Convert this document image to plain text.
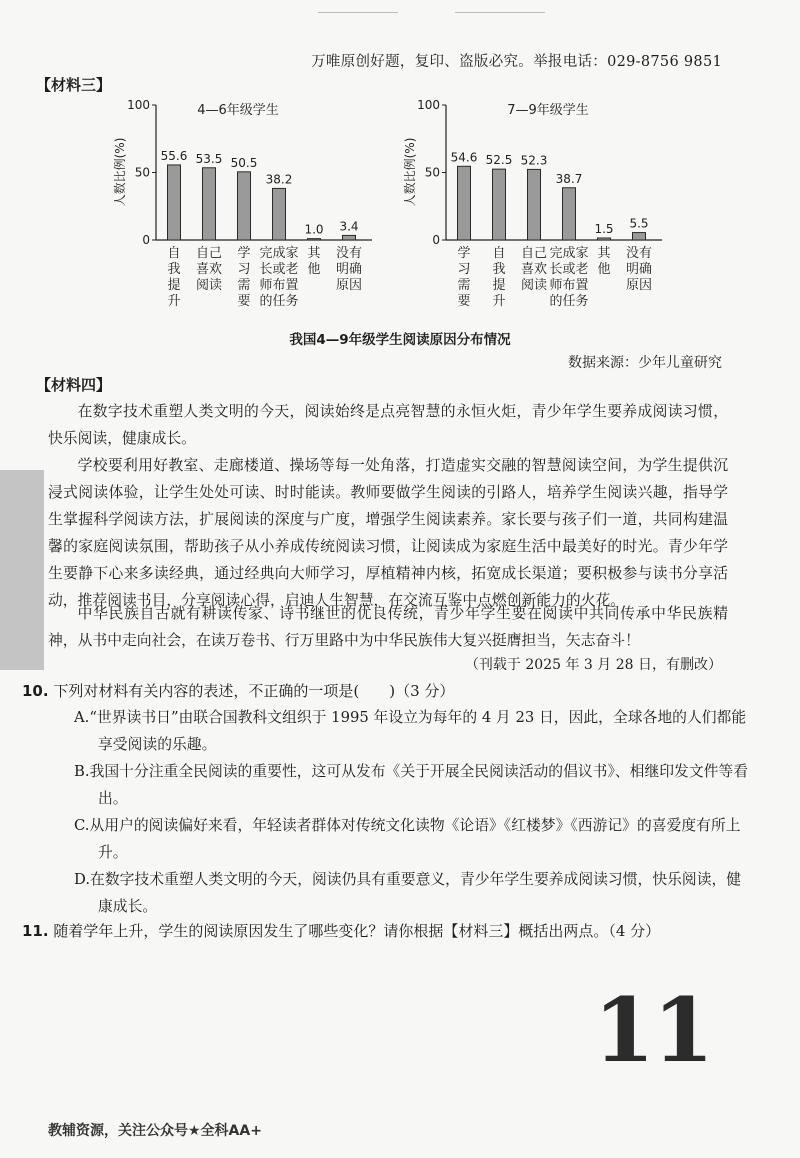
万唯原创好题，复印、盗版必究。举报电话：029-8756 9851
【材料三】
4—6年级学生
人数比例(%)
0
50
100
55.6
自
我
提
升
53.5
自己
喜欢
阅读
50.5
学
习
需
要
38.2
完成家
长或老
师布置
的任务
1.0
其
他
3.4
没有
明确
原因
7—9年级学生
人数比例(%)
0
50
100
54.6
学
习
需
要
52.5
自
我
提
升
52.3
自己
喜欢
阅读
38.7
完成家
长或老
师布置
的任务
1.5
其
他
5.5
没有
明确
原因
我国4—9年级学生阅读原因分布情况
数据来源：少年儿童研究
【材料四】

在数字技术重塑人类文明的今天，阅读始终是点亮智慧的永恒火炬，青少年学生要养成阅读习惯，快乐阅读，健康成长。

学校要利用好教室、走廊楼道、操场等每一处角落，打造虚实交融的智慧阅读空间，为学生提供沉浸式阅读体验，让学生处处可读、时时能读。教师要做学生阅读的引路人，培养学生阅读兴趣，指导学生掌握科学阅读方法，扩展阅读的深度与广度，增强学生阅读素养。家长要与孩子们一道，共同构建温馨的家庭阅读氛围，帮助孩子从小养成传统阅读习惯，让阅读成为家庭生活中最美好的时光。青少年学生要静下心来多读经典，通过经典向大师学习，厚植精神内核，拓宽成长渠道；要积极参与读书分享活动，推荐阅读书目，分享阅读心得，启迪人生智慧，在交流互鉴中点燃创新能力的火花。

中华民族自古就有耕读传家、诗书继世的优良传统，青少年学生要在阅读中共同传承中华民族精神，从书中走向社会，在读万卷书、行万里路中为中华民族伟大复兴挺膺担当，矢志奋斗！

（刊载于 2025 年 3 月 28 日，有删改）
10. 下列对材料有关内容的表述，不正确的一项是(　　)（3 分）

A.“世界读书日”由联合国教科文组织于 1995 年设立为每年的 4 月 23 日，因此，全球各地的人们都能享受阅读的乐趣。

B.我国十分注重全民阅读的重要性，这可从发布《关于开展全民阅读活动的倡议书》、相继印发文件等看出。

C.从用户的阅读偏好来看，年轻读者群体对传统文化读物《论语》《红楼梦》《西游记》的喜爱度有所上升。

D.在数字技术重塑人类文明的今天，阅读仍具有重要意义，青少年学生要养成阅读习惯，快乐阅读，健康成长。

11. 随着学年上升，学生的阅读原因发生了哪些变化？请你根据【材料三】概括出两点。（4 分）
11
教辅资源，关注公众号★全科AA+
